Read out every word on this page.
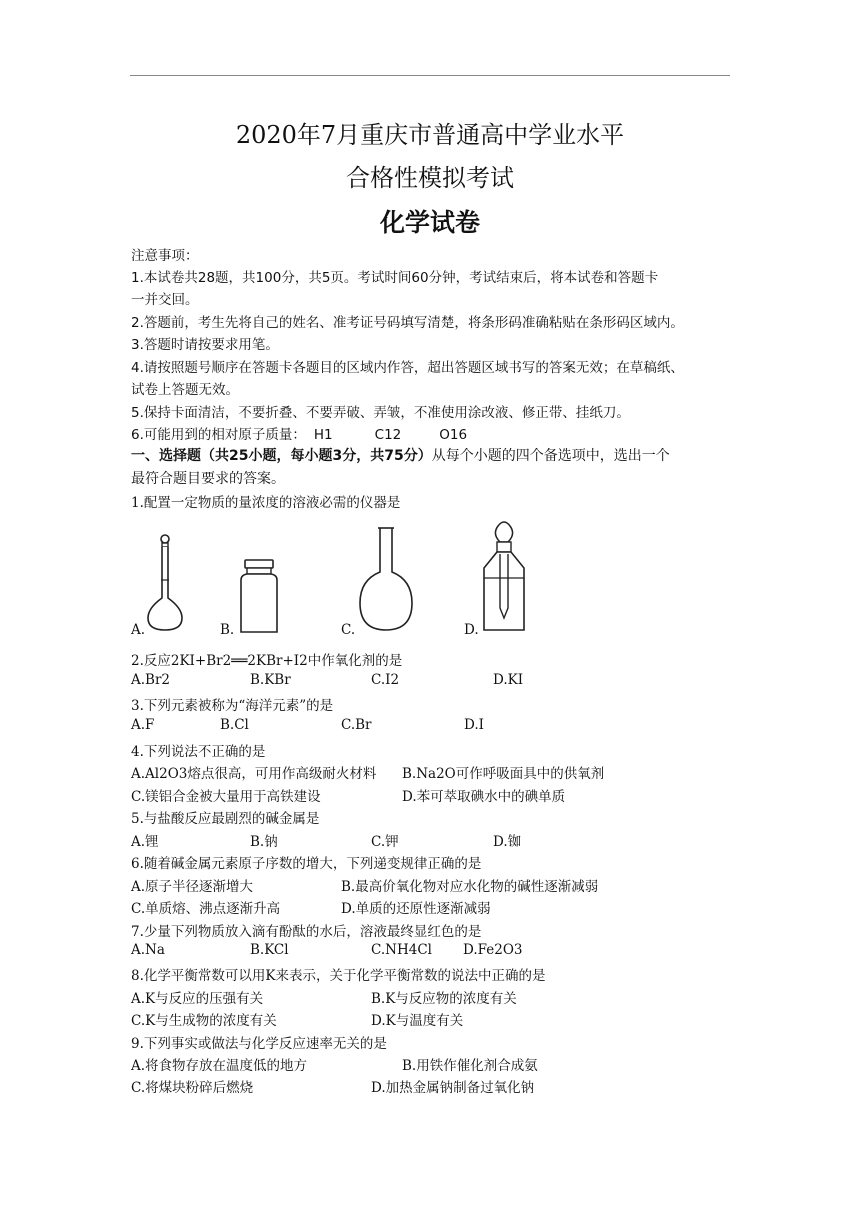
2020年7月重庆市普通高中学业水平
合格性模拟考试
化学试卷
注意事项：
1.本试卷共28题，共100分，共5页。考试时间60分钟，考试结束后，将本试卷和答题卡
一并交回。
2.答题前，考生先将自己的姓名、准考证号码填写清楚，将条形码准确粘贴在条形码区域内。
3.答题时请按要求用笔。
4.请按照题号顺序在答题卡各题目的区域内作答，超出答题区域书写的答案无效；在草稿纸、
试卷上答题无效。
5.保持卡面清洁，不要折叠、不要弄破、弄皱，不准使用涂改液、修正带、挂纸刀。
6.可能用到的相对原子质量： H1	C12	O16
一、选择题（共25小题，每小题3分，共75分）从每个小题的四个备选项中，选出一个
最符合题目要求的答案。
1.配置一定物质的量浓度的溶液必需的仪器是
A.	B.	C.	D.
2.反应2KI+Br2══2KBr+I2中作氧化剂的是
A.Br2	B.KBr	C.I2	D.KI
3.下列元素被称为“海洋元素”的是
A.F	B.Cl	C.Br	D.I
4.下列说法不正确的是
A.Al2O3熔点很高，可用作高级耐火材料 B.Na2O可作呼吸面具中的供氧剂
C.镁铝合金被大量用于高铁建设	D.苯可萃取碘水中的碘单质
5.与盐酸反应最剧烈的碱金属是
A.锂	B.钠	C.钾	D.铷
6.随着碱金属元素原子序数的增大，下列递变规律正确的是
A.原子半径逐渐增大	B.最高价氧化物对应水化物的碱性逐渐减弱
C.单质熔、沸点逐渐升高	D.单质的还原性逐渐减弱
7.少量下列物质放入滴有酚酞的水后，溶液最终显红色的是
A.Na	B.KCl	C.NH4Cl D.Fe2O3
8.化学平衡常数可以用K来表示，关于化学平衡常数的说法中正确的是
A.K与反应的压强有关	B.K与反应物的浓度有关
C.K与生成物的浓度有关	D.K与温度有关
9.下列事实或做法与化学反应速率无关的是
A.将食物存放在温度低的地方	B.用铁作催化剂合成氨
C.将煤块粉碎后燃烧	D.加热金属钠制备过氧化钠
